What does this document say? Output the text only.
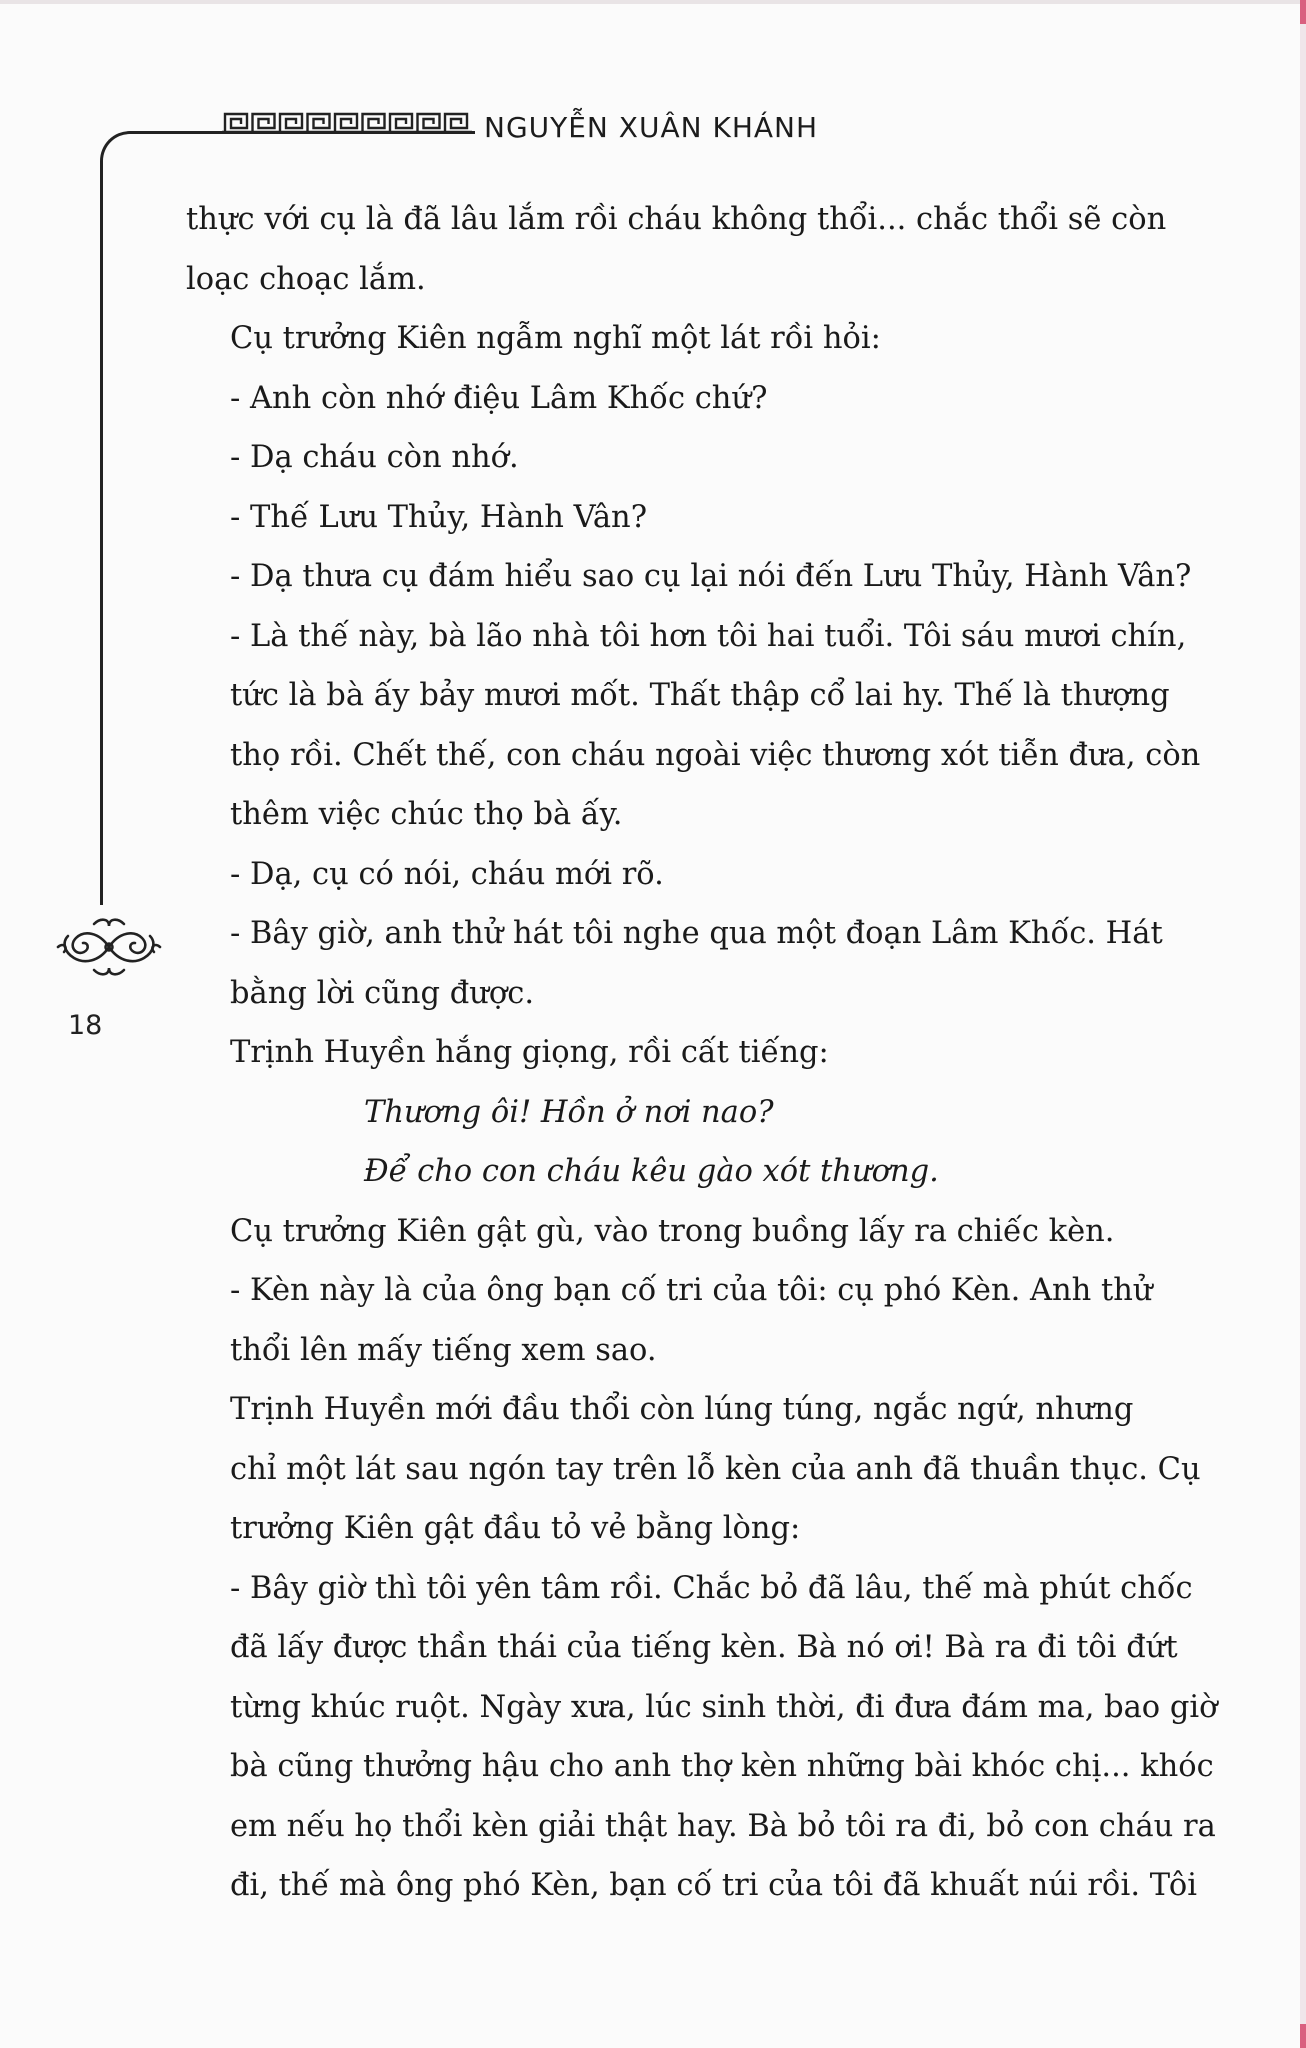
NGUYỄN XUÂN KHÁNH
18

thực với cụ là đã lâu lắm rồi cháu không thổi... chắc thổi sẽ còn
loạc choạc lắm.

Cụ trưởng Kiên ngẫm nghĩ một lát rồi hỏi:

- Anh còn nhớ điệu Lâm Khốc chứ?

- Dạ cháu còn nhớ.

- Thế Lưu Thủy, Hành Vân?

- Dạ thưa cụ đám hiểu sao cụ lại nói đến Lưu Thủy, Hành Vân?

- Là thế này, bà lão nhà tôi hơn tôi hai tuổi. Tôi sáu mươi chín,
tức là bà ấy bảy mươi mốt. Thất thập cổ lai hy. Thế là thượng
thọ rồi. Chết thế, con cháu ngoài việc thương xót tiễn đưa, còn
thêm việc chúc thọ bà ấy.

- Dạ, cụ có nói, cháu mới rõ.

- Bây giờ, anh thử hát tôi nghe qua một đoạn Lâm Khốc. Hát
bằng lời cũng được.

Trịnh Huyền hắng giọng, rồi cất tiếng:

Thương ôi! Hồn ở nơi nao?

Để cho con cháu kêu gào xót thương.

Cụ trưởng Kiên gật gù, vào trong buồng lấy ra chiếc kèn.

- Kèn này là của ông bạn cố tri của tôi: cụ phó Kèn. Anh thử
thổi lên mấy tiếng xem sao.

Trịnh Huyền mới đầu thổi còn lúng túng, ngắc ngứ, nhưng
chỉ một lát sau ngón tay trên lỗ kèn của anh đã thuần thục. Cụ
trưởng Kiên gật đầu tỏ vẻ bằng lòng:

- Bây giờ thì tôi yên tâm rồi. Chắc bỏ đã lâu, thế mà phút chốc
đã lấy được thần thái của tiếng kèn. Bà nó ơi! Bà ra đi tôi đứt
từng khúc ruột. Ngày xưa, lúc sinh thời, đi đưa đám ma, bao giờ
bà cũng thưởng hậu cho anh thợ kèn những bài khóc chị... khóc
em nếu họ thổi kèn giải thật hay. Bà bỏ tôi ra đi, bỏ con cháu ra
đi, thế mà ông phó Kèn, bạn cố tri của tôi đã khuất núi rồi. Tôi
